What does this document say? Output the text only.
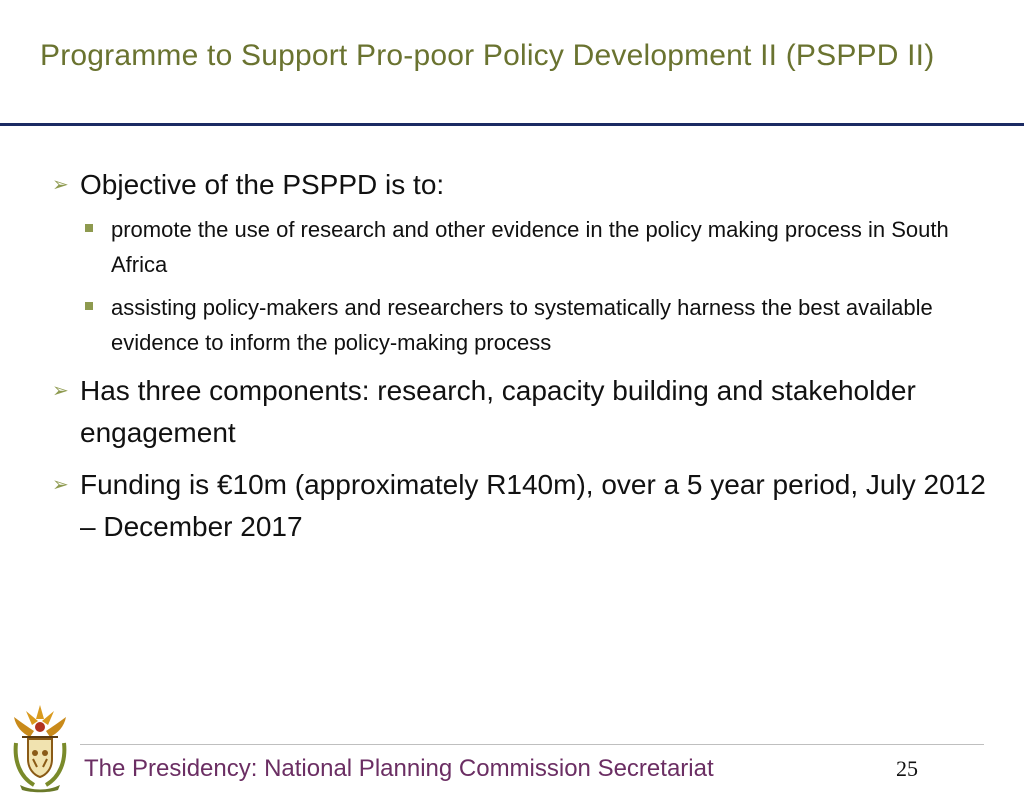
Programme to Support Pro-poor Policy Development II (PSPPD II)
➢ Objective of the PSPPD is to:
promote the use of research and other evidence in the policy making process in South Africa
assisting policy-makers and researchers to systematically harness the best available evidence to inform the policy-making process
➢ Has three components: research, capacity building and stakeholder engagement
➢ Funding is €10m (approximately R140m), over a 5 year period, July 2012 – December 2017
The Presidency: National Planning Commission Secretariat	25
